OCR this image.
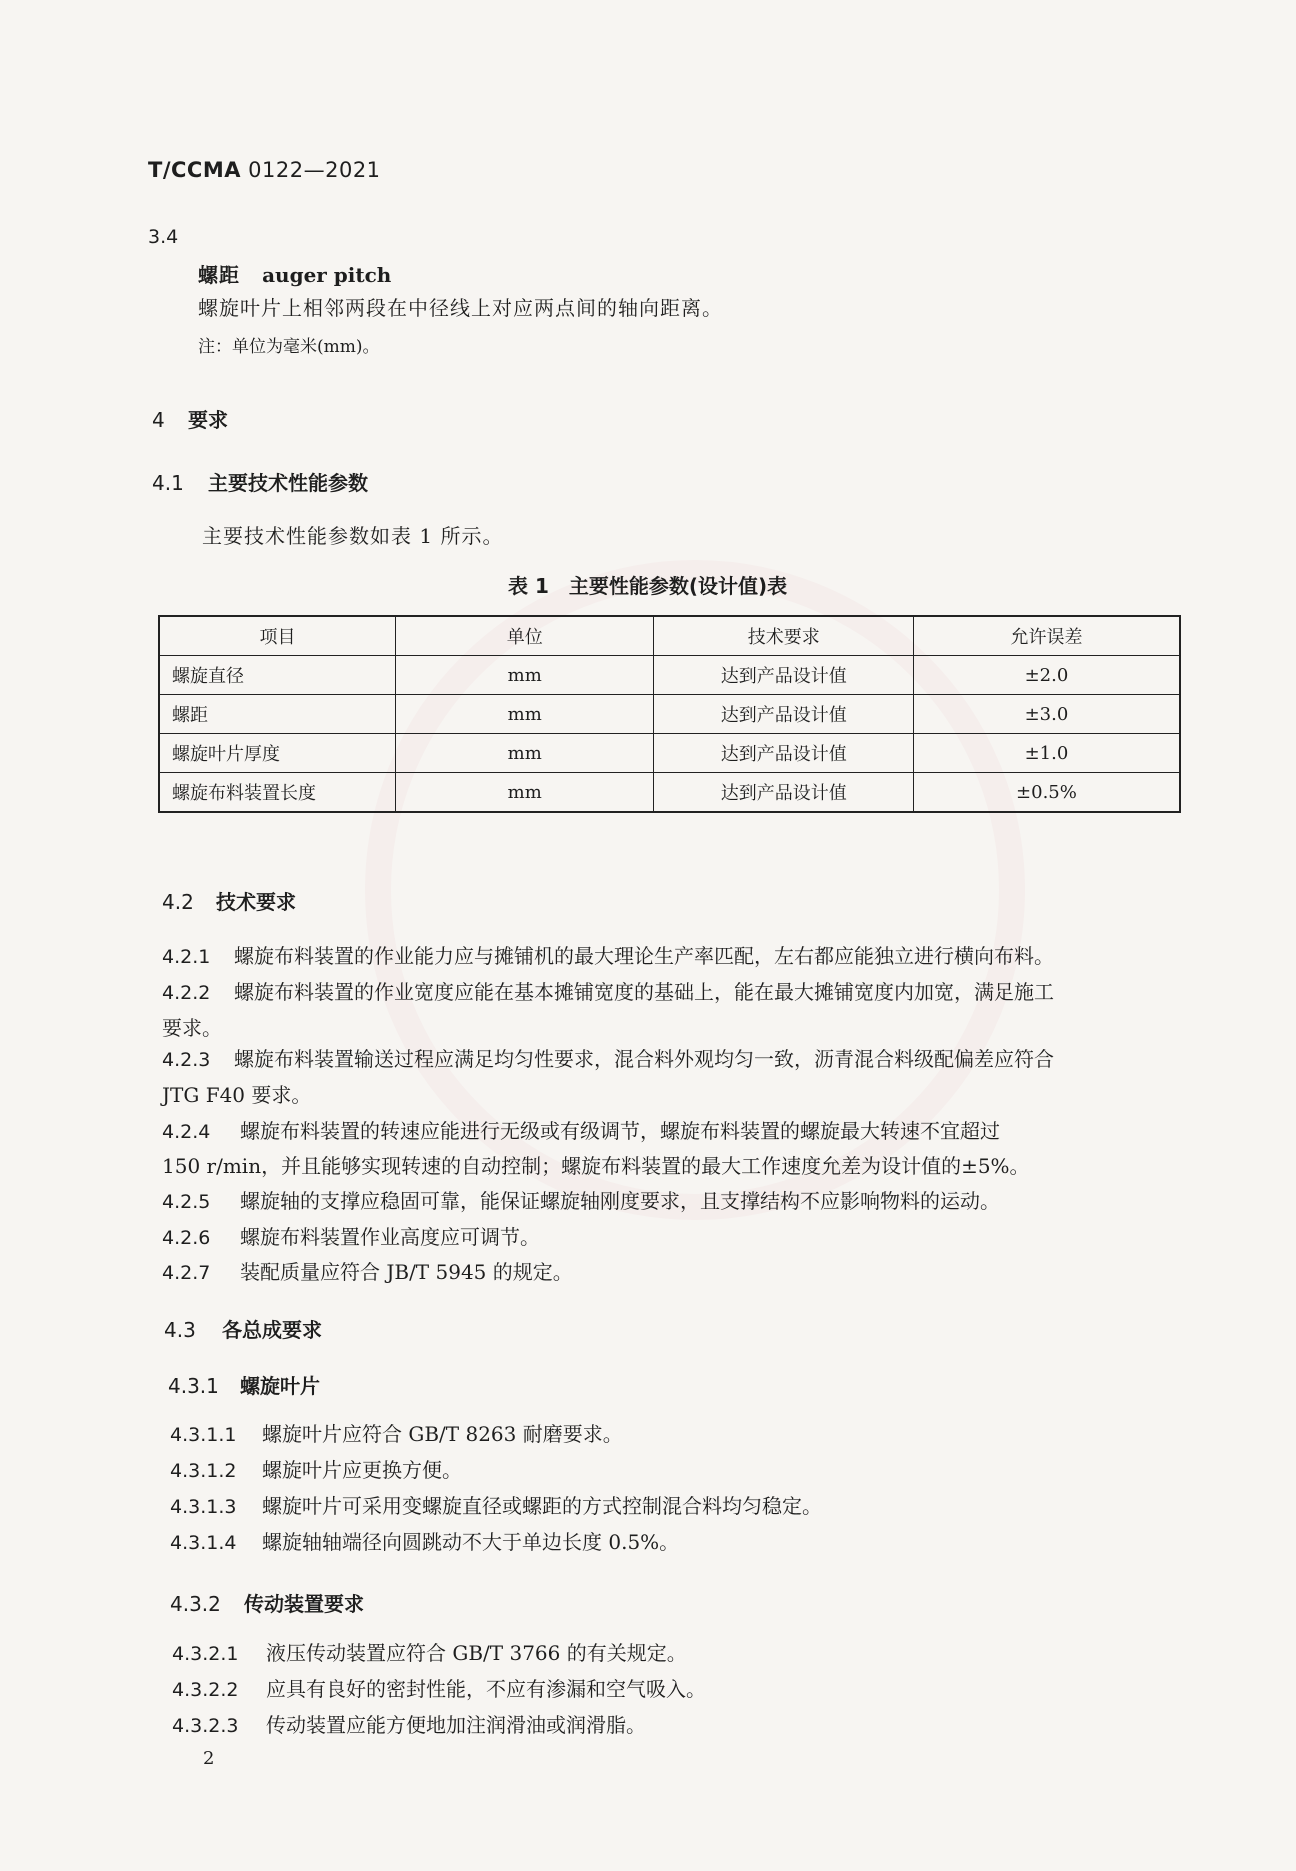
T/CCMA 0122—2021
3.4
螺距 auger pitch
螺旋叶片上相邻两段在中径线上对应两点间的轴向距离。
注：单位为毫米(mm)。
4 要求
4.1 主要技术性能参数
主要技术性能参数如表 1 所示。
表 1　主要性能参数(设计值)表
项目	单位	技术要求	允许误差
螺旋直径	mm	达到产品设计值	±2.0
螺距	mm	达到产品设计值	±3.0
螺旋叶片厚度	mm	达到产品设计值	±1.0
螺旋布料装置长度	mm	达到产品设计值	±0.5%
4.2 技术要求
4.2.1 螺旋布料装置的作业能力应与摊铺机的最大理论生产率匹配，左右都应能独立进行横向布料。
4.2.2 螺旋布料装置的作业宽度应能在基本摊铺宽度的基础上，能在最大摊铺宽度内加宽，满足施工
要求。
4.2.3 螺旋布料装置输送过程应满足均匀性要求，混合料外观均匀一致，沥青混合料级配偏差应符合
JTG F40 要求。
4.2.4 螺旋布料装置的转速应能进行无级或有级调节，螺旋布料装置的螺旋最大转速不宜超过
150 r/min，并且能够实现转速的自动控制；螺旋布料装置的最大工作速度允差为设计值的±5%。
4.2.5 螺旋轴的支撑应稳固可靠，能保证螺旋轴刚度要求，且支撑结构不应影响物料的运动。
4.2.6 螺旋布料装置作业高度应可调节。
4.2.7 装配质量应符合 JB/T 5945 的规定。
4.3 各总成要求
4.3.1 螺旋叶片
4.3.1.1 螺旋叶片应符合 GB/T 8263 耐磨要求。
4.3.1.2 螺旋叶片应更换方便。
4.3.1.3 螺旋叶片可采用变螺旋直径或螺距的方式控制混合料均匀稳定。
4.3.1.4 螺旋轴轴端径向圆跳动不大于单边长度 0.5%。
4.3.2 传动装置要求
4.3.2.1 液压传动装置应符合 GB/T 3766 的有关规定。
4.3.2.2 应具有良好的密封性能，不应有渗漏和空气吸入。
4.3.2.3 传动装置应能方便地加注润滑油或润滑脂。
2
